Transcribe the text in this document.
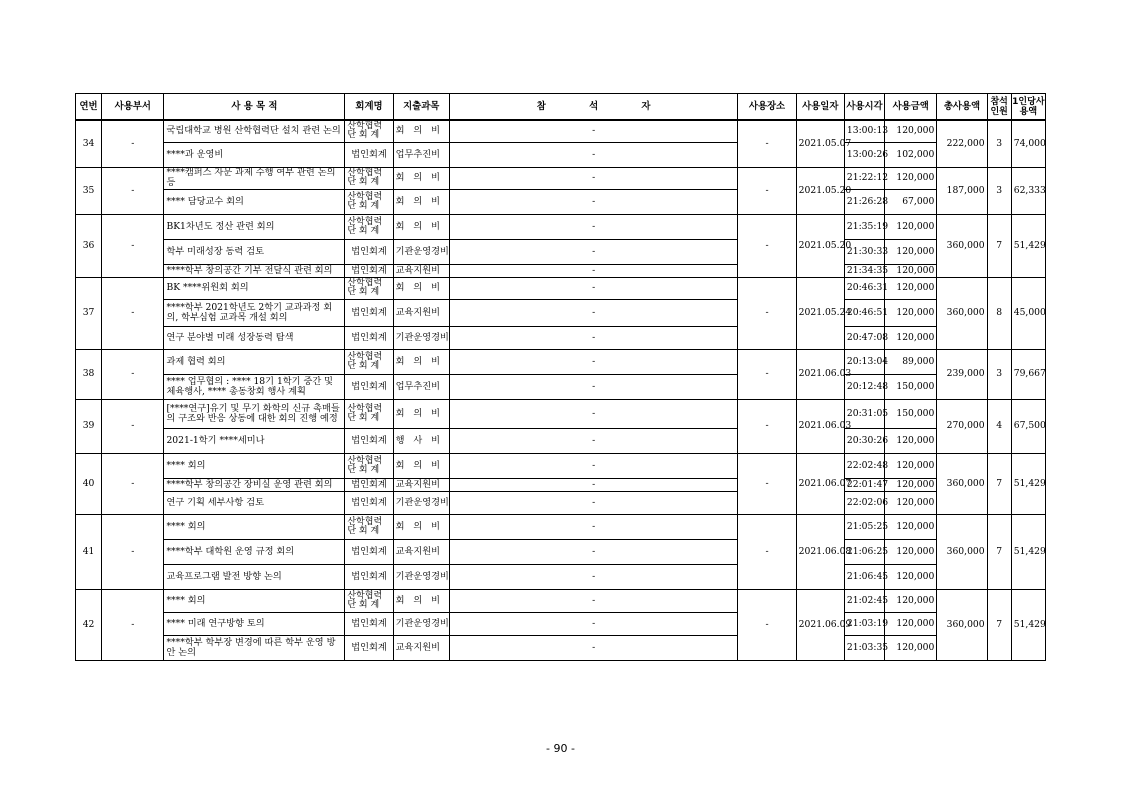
연번	사용부서	사 용 목 적	회계명	지출과목	참 석 자	사용장소	사용일자	사용시각	사용금액	총사용액	참석인원	1인당사용액
34	-	국립대학교 병원 산학협력단 설치 관련 논의	산학협력단 회 계	회 의 비	-	-	2021.05.07	13:00:13	120,000	222,000	3	74,000
		****과 운영비	법인회계	업무추진비	-			13:00:26	102,000			
35	-	****캠퍼스 자문 과제 수행 여부 관련 논의 등	산학협력단 회 계	회 의 비	-	-	2021.05.20	21:22:12	120,000	187,000	3	62,333
		**** 담당교수 회의	산학협력단 회 계	회 의 비	-			21:26:28	67,000			
36	-	BK1차년도 정산 관련 회의	산학협력단 회 계	회 의 비	-	-	2021.05.20	21:35:19	120,000	360,000	7	51,429
		학부 미래성장 동력 검토	법인회계	기관운영경비	-			21:30:33	120,000			
		****학부 창의공간 기부 전달식 관련 회의	법인회계	교육지원비	-			21:34:35	120,000			
37	-	BK ****위원회 회의	산학협력단 회 계	회 의 비	-	-	2021.05.24	20:46:31	120,000	360,000	8	45,000
		****학부 2021학년도 2학기 교과과정 회의, 학부심험 교과목 개설 회의	법인회계	교육지원비	-			20:46:51	120,000			
		연구 분야별 미래 성장동력 탐색	법인회계	기관운영경비	-			20:47:08	120,000			
38	-	과제 협력 회의	산학협력단 회 계	회 의 비	-	-	2021.06.03	20:13:04	89,000	239,000	3	79,667
		**** 업무협의 : **** 18기 1학기 중간 및 체육행사, **** 총동창회 행사 계획	법인회계	업무추진비	-			20:12:48	150,000			
39	-	[****연구]유기 및 무기 화학의 신규 촉매들의 구조와 반응 상동에 대한 회의 진행 예정	산학협력단 회 계	회 의 비	-	-	2021.06.03	20:31:05	150,000	270,000	4	67,500
		2021-1학기 ****세미나	법인회계	행 사 비	-			20:30:26	120,000			
40	-	**** 회의	산학협력단 회 계	회 의 비	-	-	2021.06.07	22:02:48	120,000	360,000	7	51,429
		****학부 창의공간 장비실 운영 관련 회의	법인회계	교육지원비	-			22:01:47	120,000			
		연구 기획 세부사항 검토	법인회계	기관운영경비	-			22:02:06	120,000			
41	-	**** 회의	산학협력단 회 계	회 의 비	-	-	2021.06.08	21:05:25	120,000	360,000	7	51,429
		****학부 대학원 운영 규정 회의	법인회계	교육지원비	-			21:06:25	120,000			
		교육프로그램 발전 방향 논의	법인회계	기관운영경비	-			21:06:45	120,000			
42	-	**** 회의	산학협력단 회 계	회 의 비	-	-	2021.06.09	21:02:45	120,000	360,000	7	51,429
		**** 미래 연구방향 토의	법인회계	기관운영경비	-			21:03:19	120,000			
		****학부 학부장 변경에 따른 학부 운영 방안 논의	법인회계	교육지원비	-			21:03:35	120,000			
- 90 -
